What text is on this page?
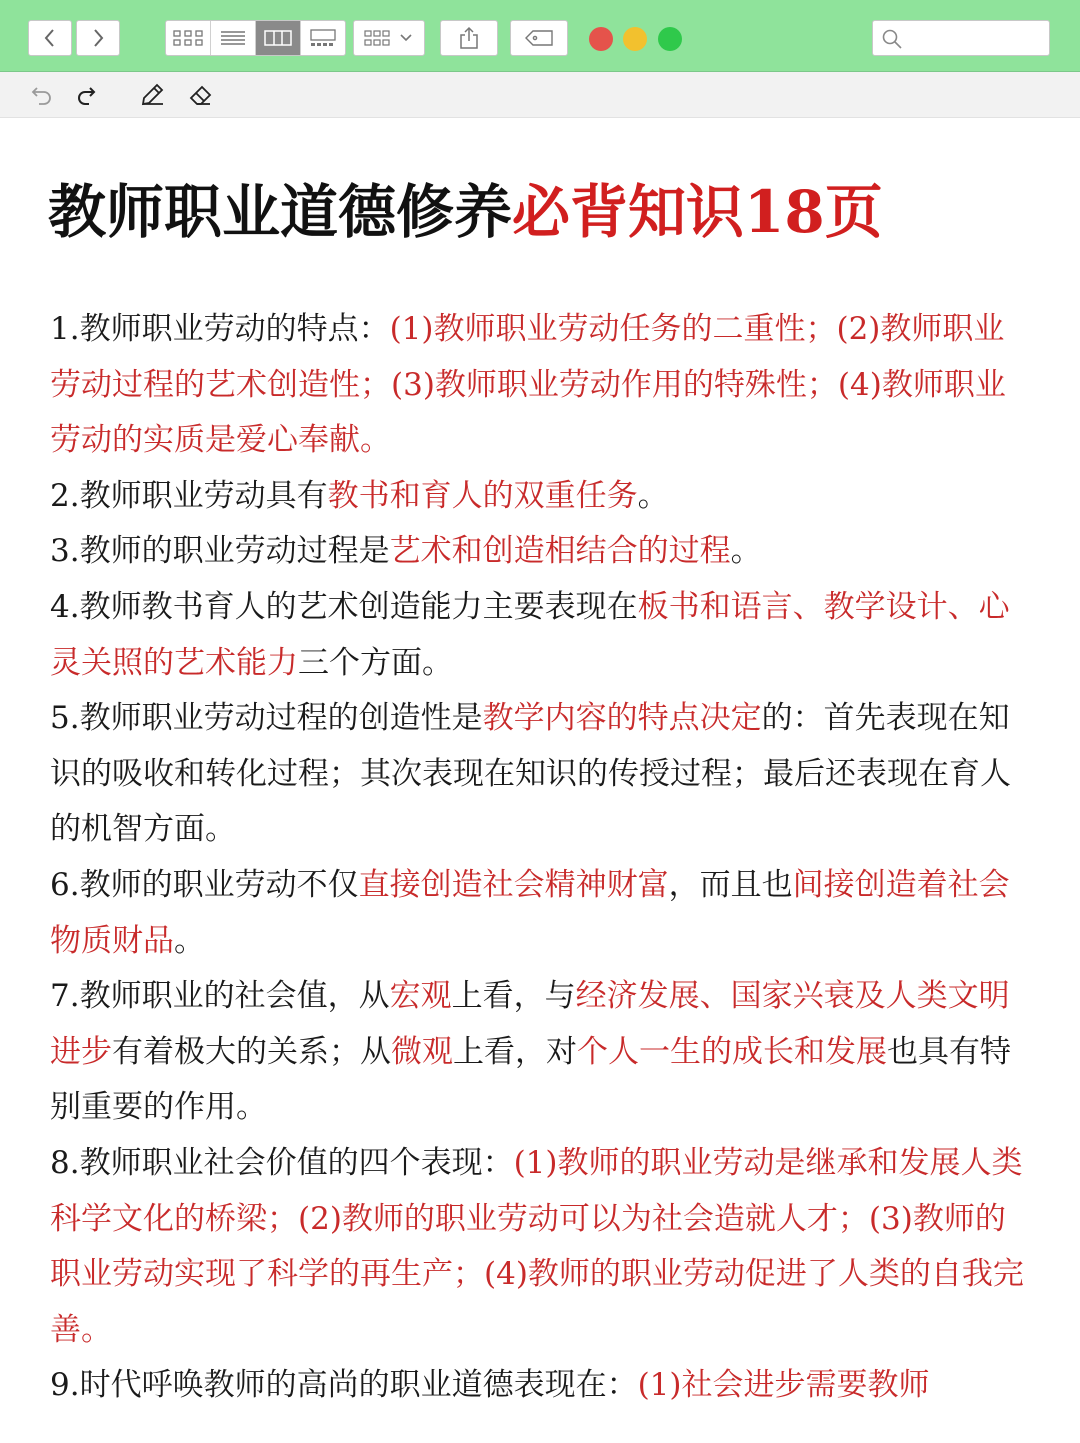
教师职业道德修养必背知识18页

1.教师职业劳动的特点：(1)教师职业劳动任务的二重性；(2)教师职业劳动过程的艺术创造性；(3)教师职业劳动作用的特殊性；(4)教师职业劳动的实质是爱心奉献。

2.教师职业劳动具有教书和育人的双重任务。

3.教师的职业劳动过程是艺术和创造相结合的过程。

4.教师教书育人的艺术创造能力主要表现在板书和语言、教学设计、心灵关照的艺术能力三个方面。

5.教师职业劳动过程的创造性是教学内容的特点决定的：首先表现在知识的吸收和转化过程；其次表现在知识的传授过程；最后还表现在育人的机智方面。

6.教师的职业劳动不仅直接创造社会精神财富，而且也间接创造着社会物质财品。

7.教师职业的社会值，从宏观上看，与经济发展、国家兴衰及人类文明进步有着极大的关系；从微观上看，对个人一生的成长和发展也具有特别重要的作用。

8.教师职业社会价值的四个表现：(1)教师的职业劳动是继承和发展人类科学文化的桥梁；(2)教师的职业劳动可以为社会造就人才；(3)教师的职业劳动实现了科学的再生产；(4)教师的职业劳动促进了人类的自我完善。

9.时代呼唤教师的高尚的职业道德表现在：(1)社会进步需要教师
